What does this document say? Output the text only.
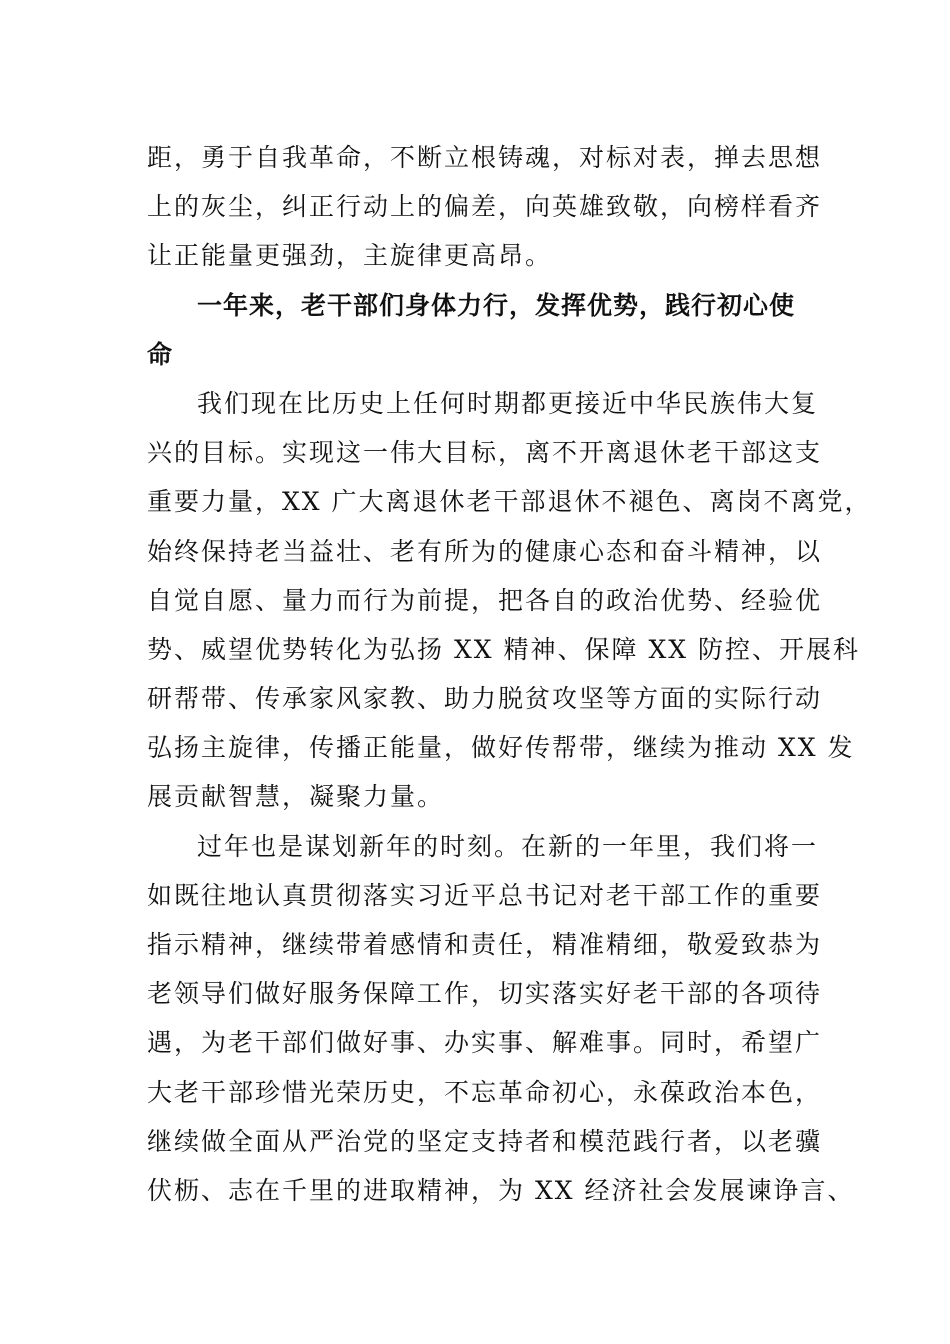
距，勇于自我革命，不断立根铸魂，对标对表，掸去思想
上的灰尘，纠正行动上的偏差，向英雄致敬，向榜样看齐
让正能量更强劲，主旋律更高昂。
一年来，老干部们身体力行，发挥优势，践行初心使
命
我们现在比历史上任何时期都更接近中华民族伟大复
兴的目标。实现这一伟大目标，离不开离退休老干部这支
重要力量，XX 广大离退休老干部退休不褪色、离岗不离党，
始终保持老当益壮、老有所为的健康心态和奋斗精神，以
自觉自愿、量力而行为前提，把各自的政治优势、经验优
势、威望优势转化为弘扬 XX 精神、保障 XX 防控、开展科
研帮带、传承家风家教、助力脱贫攻坚等方面的实际行动
弘扬主旋律，传播正能量，做好传帮带，继续为推动 XX 发
展贡献智慧，凝聚力量。
过年也是谋划新年的时刻。在新的一年里，我们将一
如既往地认真贯彻落实习近平总书记对老干部工作的重要
指示精神，继续带着感情和责任，精准精细，敬爱致恭为
老领导们做好服务保障工作，切实落实好老干部的各项待
遇，为老干部们做好事、办实事、解难事。同时，希望广
大老干部珍惜光荣历史，不忘革命初心，永葆政治本色，
继续做全面从严治党的坚定支持者和模范践行者，以老骥
伏枥、志在千里的进取精神，为 XX 经济社会发展谏诤言、
